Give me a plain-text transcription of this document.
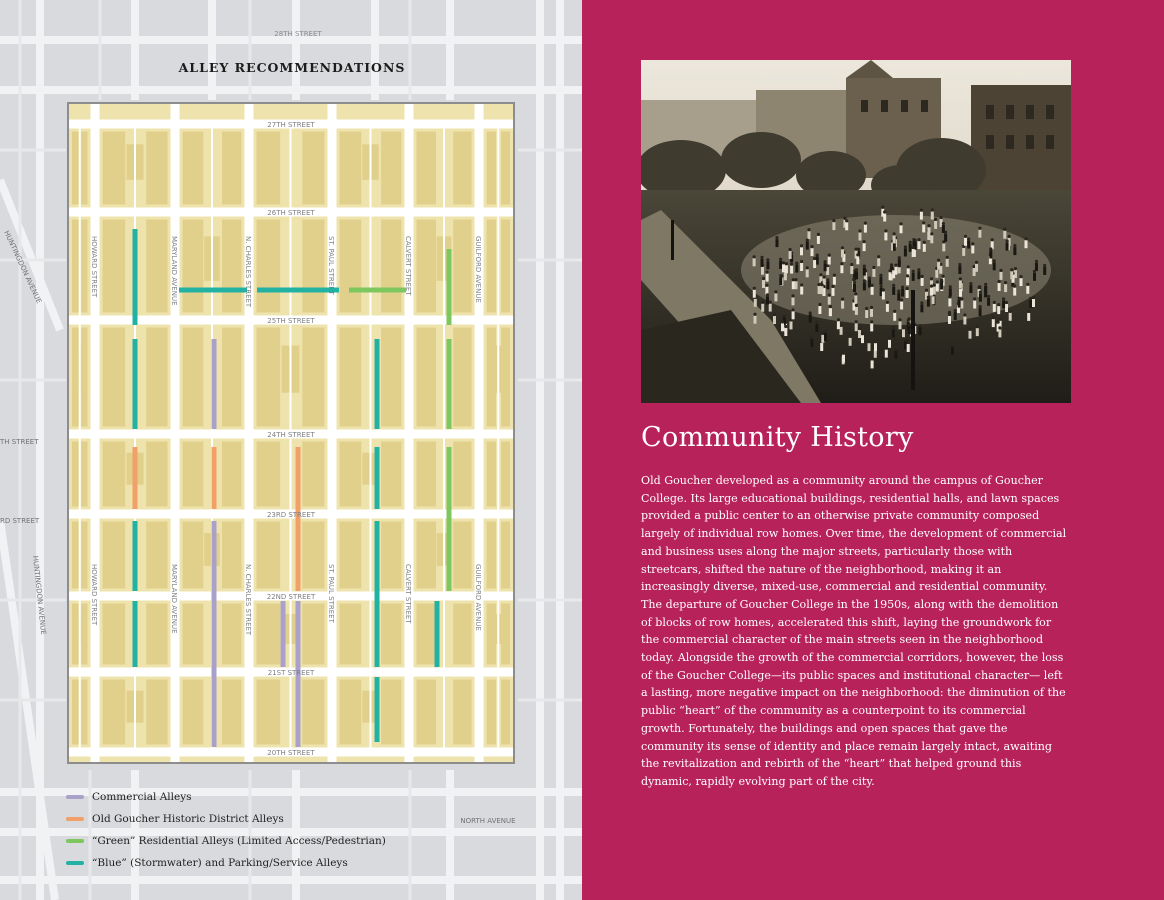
28TH STREET
TH STREET
RD STREET
NORTH AVENUE
HUNTINGDON AVENUE
HUNTINGDON AVENUE
ALLEY RECOMMENDATIONS
27TH STREET
26TH STREET
25TH STREET
24TH STREET
23RD STREET
22ND STREET
21ST STREET
20TH STREET
HOWARD STREET	MARYLAND AVENUE	N. CHARLES STREET	ST. PAUL STREET	CALVERT STREET	GUILFORD AVENUE
HOWARD STREET	MARYLAND AVENUE	N. CHARLES STREET	ST. PAUL STREET	CALVERT STREET	GUILFORD AVENUE
Commercial Alleys
Old Goucher Historic District Alleys
“Green” Residential Alleys (Limited Access/Pedestrian)
“Blue” (Stormwater) and Parking/Service Alleys
Community History

Old Goucher developed as a community around the campus of Goucher College. Its large educational buildings, residential halls, and lawn spaces provided a public center to an otherwise private community composed largely of individual row homes. Over time, the development of commercial and business uses along the major streets, particularly those with streetcars, shifted the nature of the neighborhood, making it an increasingly diverse, mixed-use, commercial and residential community. The departure of Goucher College in the 1950s, along with the demolition of blocks of row homes, accelerated this shift, laying the groundwork for the commercial character of the main streets seen in the neighborhood today. Alongside the growth of the commercial corridors, however, the loss of the Goucher College—its public spaces and institutional character— left a lasting, more negative impact on the neighborhood: the diminution of the public “heart” of the community as a counterpoint to its commercial growth. Fortunately, the buildings and open spaces that gave the community its sense of identity and place remain largely intact, awaiting the revitalization and rebirth of the “heart” that helped ground this dynamic, rapidly evolving part of the city.
